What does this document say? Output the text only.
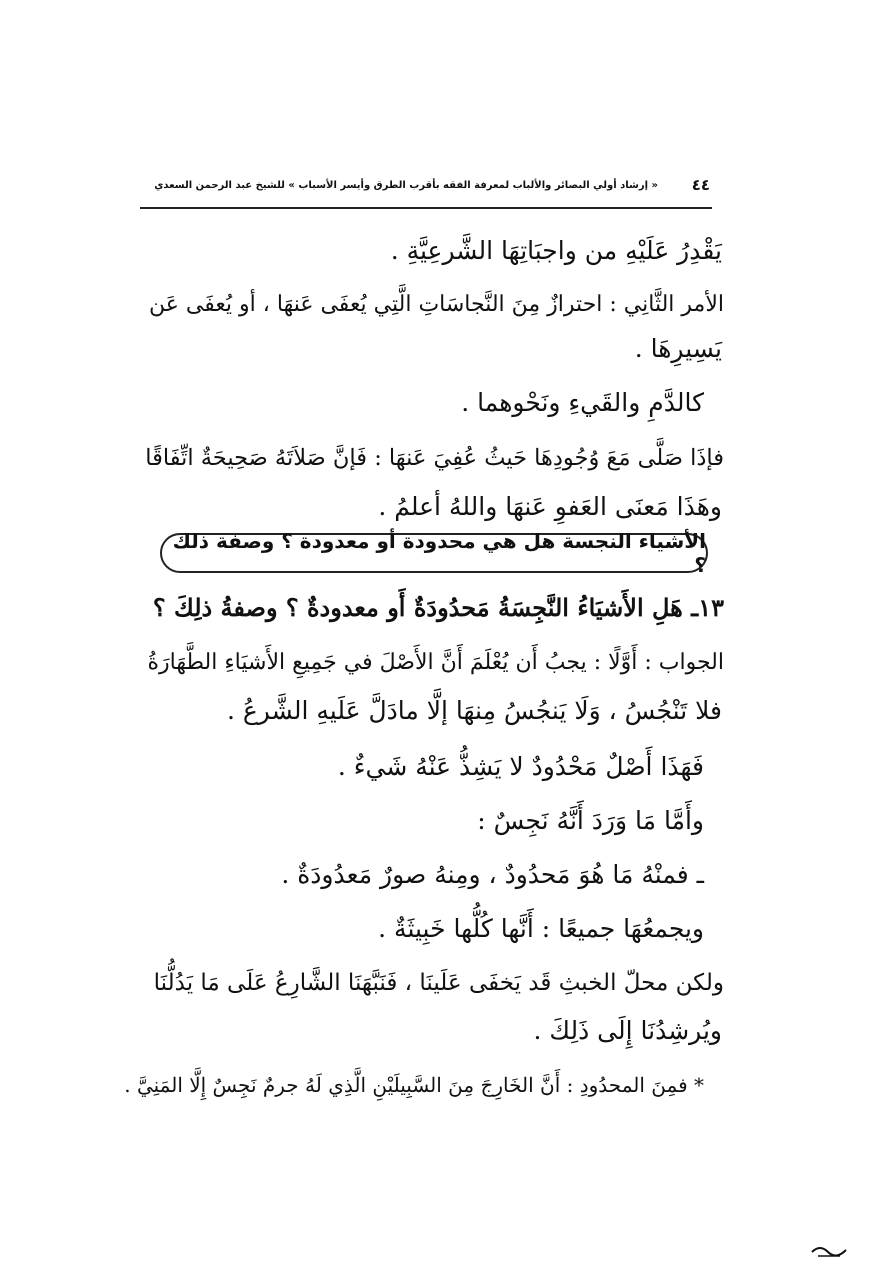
٤٤
« إرشاد أولي البصائر والألباب لمعرفة الفقه بأقرب الطرق وأيسر الأسباب » للشيخ عبد الرحمن السعدي
يَقْدِرُ عَلَيْهِ من واجبَاتِهَا الشَّرعِيَّةِ .
الأمر الثَّانِي : احترازٌ مِنَ النَّجاسَاتِ الَّتِي يُعفَى عَنهَا ، أو يُعفَى عَن
يَسِيرِهَا .
كالدَّمِ والقَيءِ ونَحْوهما .
فإذَا صَلَّى مَعَ وُجُودِهَا حَيثُ عُفِيَ عَنهَا : فَإنَّ صَلاَتَهُ صَحِيحَةٌ اتِّفَاقًا
وهَذَا مَعنَى العَفوِ عَنهَا واللهُ أعلمُ .
الأشياء النجسة هل هي محدودة أو معدودة ؟ وصفة ذلك ؟
١٣ـ هَلِ الأَشيَاءُ النَّجِسَةُ مَحدُودَةٌ أَو معدودةٌ ؟ وصفةُ ذلِكَ ؟
الجواب : أَوَّلًا : يجبُ أَن يُعْلَمَ أَنَّ الأَصْلَ في جَمِيعِ الأَشيَاءِ الطَّهَارَةُ
فلا تَنْجُسُ ، وَلَا يَنجُسُ مِنهَا إلَّا مادَلَّ عَلَيهِ الشَّرعُ .
فَهَذَا أَصْلٌ مَحْدُودٌ لا يَشِذُّ عَنْهُ شَيءٌ .
وأَمَّا مَا وَرَدَ أَنَّهُ نَجِسٌ :
ـ فمنْهُ مَا هُوَ مَحدُودٌ ، ومِنهُ صورٌ مَعدُودَةٌ .
ويجمعُهَا جميعًا : أَنَّها كُلُّها خَبِيثَةٌ .
ولكن محلّ الخبثِ قَد يَخفَى عَلَينَا ، فَنَبَّهَنَا الشَّارِعُ عَلَى مَا يَدُلُّنَا
ويُرشِدُنَا إِلَى ذَلِكَ .
* فمِنَ المحدُودِ : أَنَّ الخَارِجَ مِنَ السَّبِيلَيْنِ الَّذِي لَهُ جرمٌ نَجِسٌ إِلَّا المَنِيَّ .
